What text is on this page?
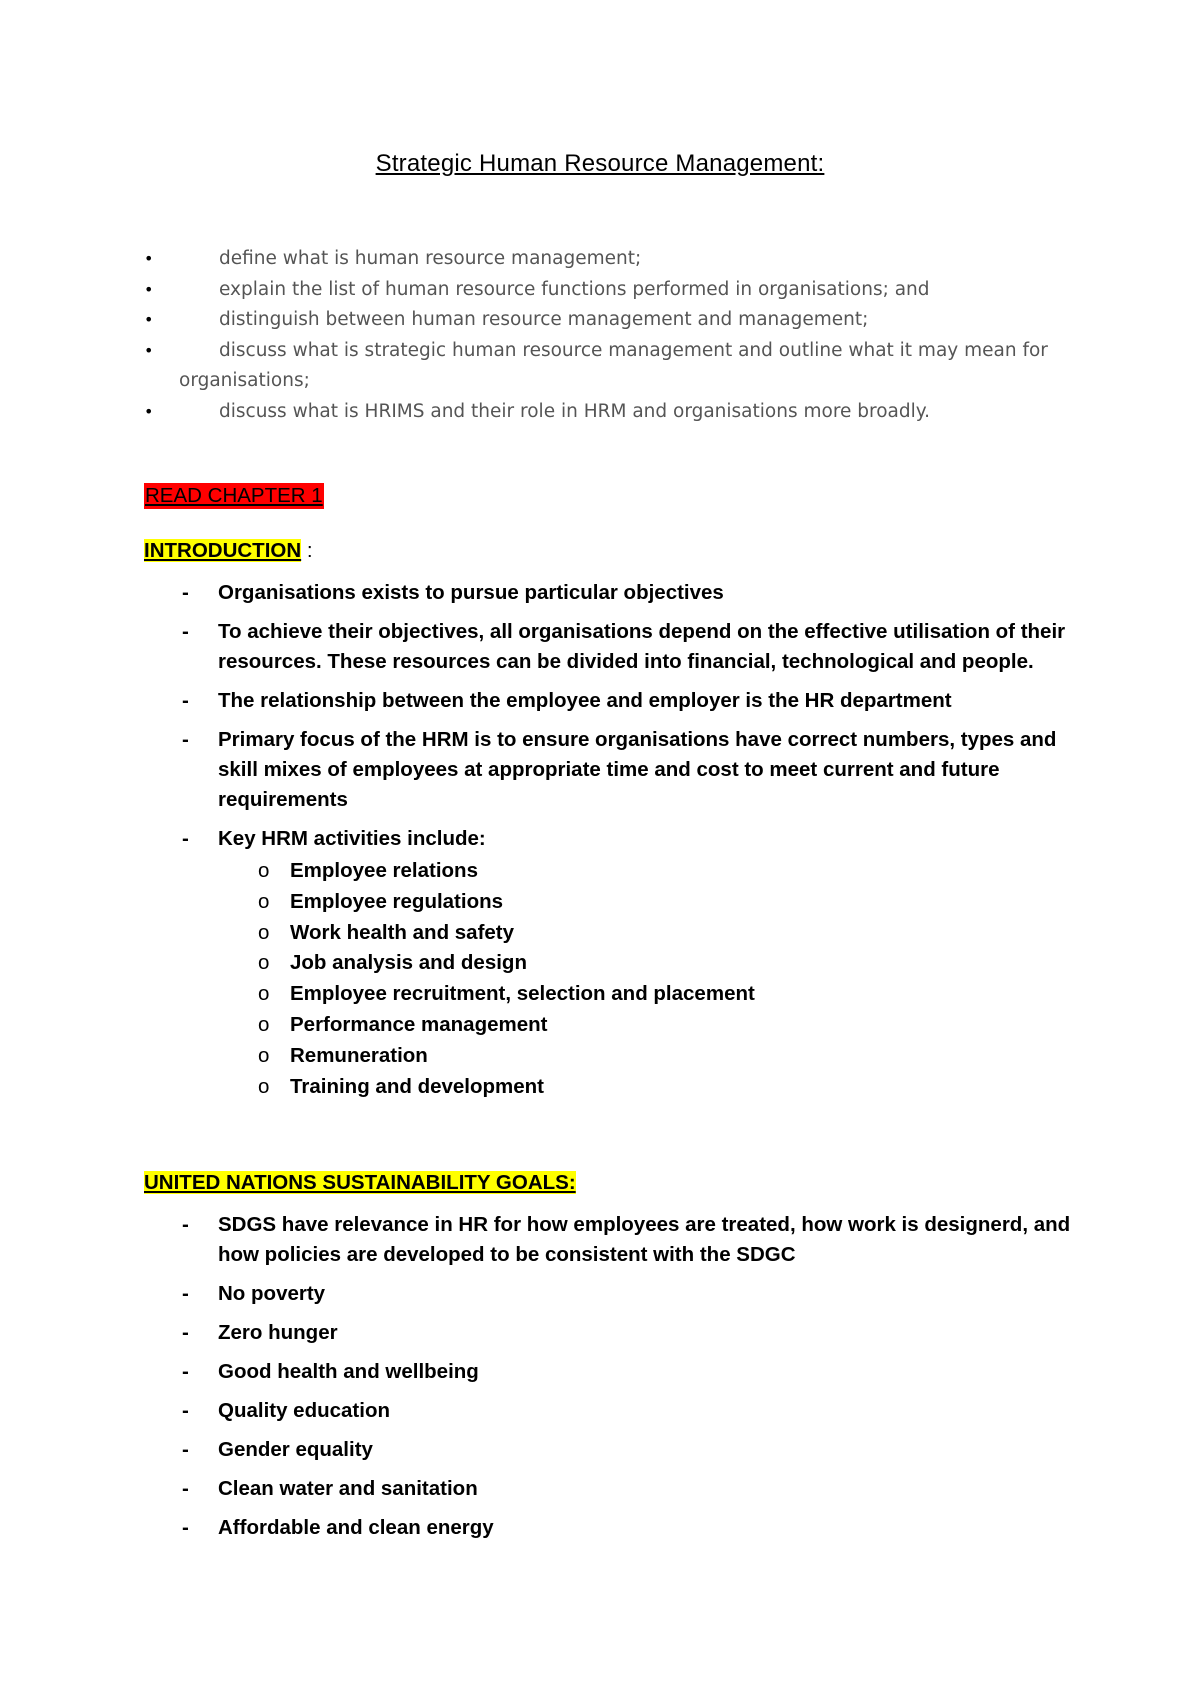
Strategic Human Resource Management:
•	define what is human resource management;
•	explain the list of human resource functions performed in organisations; and
•	distinguish between human resource management and management;
•	discuss what is strategic human resource management and outline what it may mean for
organisations;
•	discuss what is HRIMS and their role in HRM and organisations more broadly.
READ CHAPTER 1
INTRODUCTION :
- Organisations exists to pursue particular objectives
- To achieve their objectives, all organisations depend on the effective utilisation of their resources. These resources can be divided into financial, technological and people.
- The relationship between the employee and employer is the HR department
- Primary focus of the HRM is to ensure organisations have correct numbers, types and skill mixes of employees at appropriate time and cost to meet current and future requirements
- Key HRM activities include:
o Employee relations
o Employee regulations
o Work health and safety
o Job analysis and design
o Employee recruitment, selection and placement
o Performance management
o Remuneration
o Training and development
UNITED NATIONS SUSTAINABILITY GOALS:
- SDGS have relevance in HR for how employees are treated, how work is designerd, and how policies are developed to be consistent with the SDGC
- No poverty
- Zero hunger
- Good health and wellbeing
- Quality education
- Gender equality
- Clean water and sanitation
- Affordable and clean energy
